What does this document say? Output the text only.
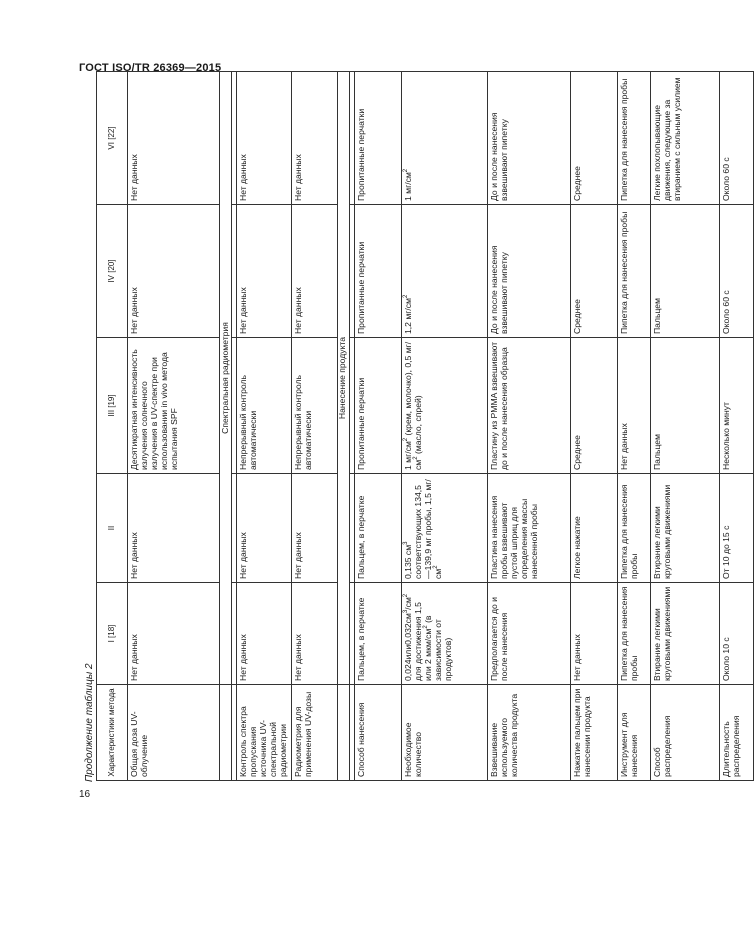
ГОСТ ISO/TR 26369—2015
16
Продолжение таблицы 2 Характеристики метода	I [18]	II	III [19]	IV [20]	VI [22]
Общая доза UV-облучение	Нет данных	Нет данных	Десятикратная интенсивность излучения солнечного излучения в UV-спектре при использовании in vivo метода испытания SPF	Нет данных	Нет данных
	Спектральная радиометрия				

Контроль спектра пропускания источника UV-спектральной радиометрии	Нет данных	Нет данных	Непрерывный контроль автоматически	Нет данных	Нет данных
Радиометрия для применения UV-дозы	Нет данных	Нет данных	Непрерывный контроль автоматически	Нет данных	Нет данных
	Нанесение продукта				

Способ нанесения	Пальцем, в перчатке	Пальцем, в перчатке	Пропитанные перчатки	Пропитанные перчатки	Пропитанные перчатки
Необходимое количество	$0,024или0,032см^3/см^2$ для достижения 1,5 или 2 мкм/$см^2$ (в зависимости от продуктов)	0,135 $см^3$ соответствующих 134,5—139,9 мг пробы, 1,5 $мг/см^2$	1 $мг/см^2$ (крем, молочко), 0,5 $мг/см^2$ (масло, спрей)	1,2 $мг/см^2$	1 $мг/см^2$
Взвешивание используемого количества продукта	Предполагается до и после нанесения	Пластина нанесения пробы взвешивают пустой шприц для определения массы нанесенной пробы	Пластину из PMMA взвешивают до и после нанесения образца	До и после нанесения взвешивают пипетку	До и после нанесения взвешивают пипетку
Нажатие пальцем при нанесении продукта	Нет данных	Легкое нажатие	Среднее	Среднее	Среднее
Инструмент для нанесения	Пипетка для нанесения пробы	Пипетка для нанесения пробы	Нет данных	Пипетка для нанесения пробы	Пипетка для нанесения пробы
Способ распределения	Втирание легкими круговыми движениями	Втирание легкими круговыми движениями	Пальцем	Пальцем	Легкие похлопывающие движения, следующие за втиранием с сильным усилием
Длительность распределения	Около 10 с	От 10 до 15 с	Несколько минут	Около 60 с	Около 60 с
